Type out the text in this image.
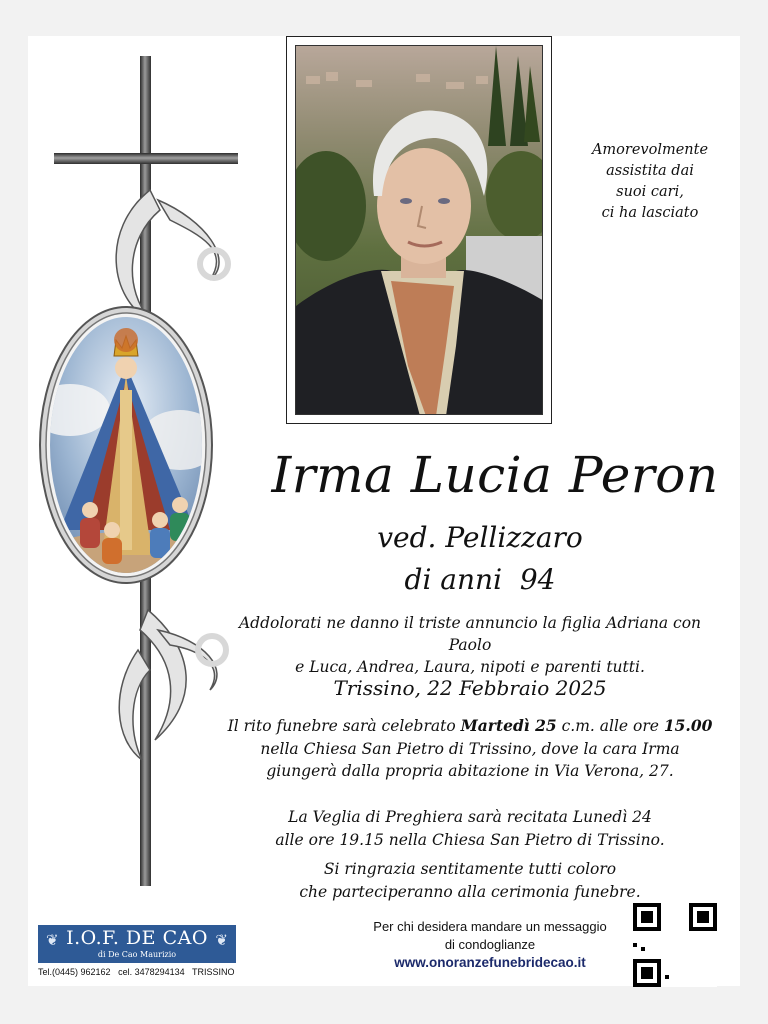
Amorevolmente
assistita dai
suoi cari,
ci ha lasciato
Irma Lucia Peron
ved. Pellizzaro
di anni  94
Addolorati ne danno il triste annuncio la figlia Adriana con Paolo
e Luca, Andrea, Laura, nipoti e parenti tutti.
Trissino, 22 Febbraio 2025
Il rito funebre sarà celebrato Martedì 25 c.m. alle ore 15.00
nella Chiesa San Pietro di Trissino, dove la cara Irma
giungerà dalla propria abitazione in Via Verona, 27.
La Veglia di Preghiera sarà recitata Lunedì 24
alle ore 19.15 nella Chiesa San Pietro di Trissino.
Si ringrazia sentitamente tutti coloro
che parteciperanno alla cerimonia funebre.
Per chi desidera mandare un messaggio
di condoglianze
www.onoranzefunebridecao.it
❦	❦
I.O.F. DE CAO
di De Cao Maurizio
Tel.(0445) 962162 cel. 3478294134 TRISSINO
